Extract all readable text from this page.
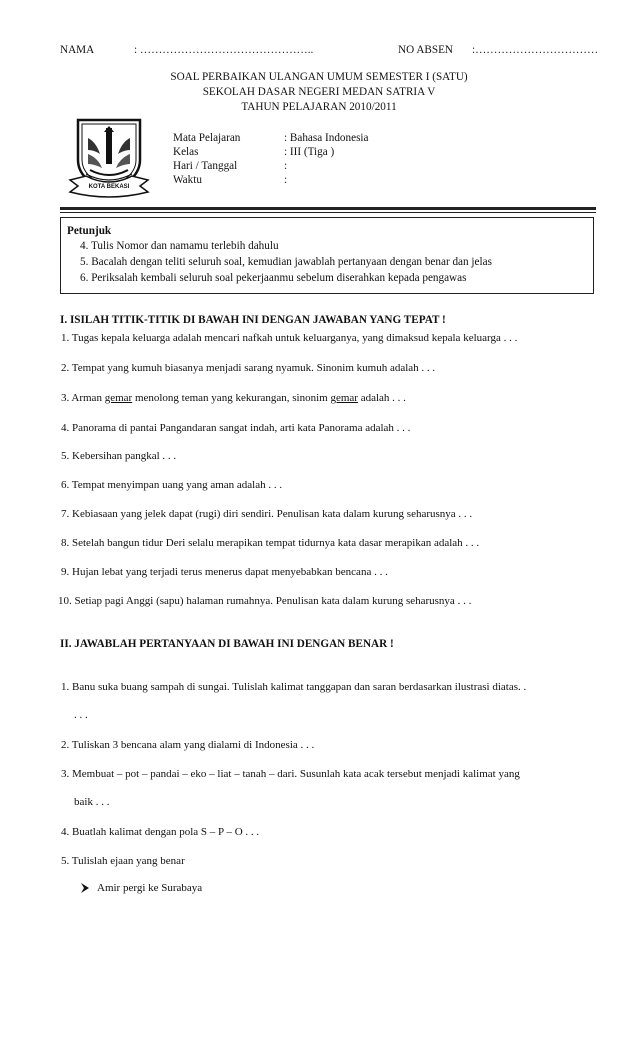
NAMA	: ………………………………………..	NO ABSEN :……………………………
SOAL PERBAIKAN ULANGAN UMUM SEMESTER I (SATU)
SEKOLAH DASAR NEGERI MEDAN SATRIA V
TAHUN PELAJARAN 2010/2011
KOTA BEKASI
Mata Pelajaran	: Bahasa Indonesia
Kelas	: III (Tiga )
Hari / Tanggal	:
Waktu	:
Petunjuk
4. Tulis Nomor dan namamu terlebih dahulu
5. Bacalah dengan teliti seluruh soal, kemudian jawablah pertanyaan dengan benar dan jelas
6. Periksalah kembali seluruh soal pekerjaanmu sebelum diserahkan kepada pengawas
I. ISILAH TITIK-TITIK DI BAWAH INI DENGAN JAWABAN YANG TEPAT !
1. Tugas kepala keluarga adalah mencari nafkah untuk keluarganya, yang dimaksud kepala keluarga . . .
2. Tempat yang kumuh biasanya menjadi sarang nyamuk. Sinonim kumuh adalah . . .
3. Arman gemar menolong teman yang kekurangan, sinonim gemar adalah . . .
4. Panorama di pantai Pangandaran sangat indah, arti kata Panorama adalah . . .
5. Kebersihan pangkal . . .
6. Tempat menyimpan uang yang aman adalah . . .
7. Kebiasaan yang jelek dapat (rugi) diri sendiri. Penulisan kata dalam kurung seharusnya . . .
8. Setelah bangun tidur Deri selalu merapikan tempat tidurnya kata dasar merapikan adalah . . .
9. Hujan lebat yang terjadi terus menerus dapat menyebabkan bencana . . .
10. Setiap pagi Anggi (sapu) halaman rumahnya. Penulisan kata dalam kurung seharusnya . . .
II. JAWABLAH PERTANYAAN DI BAWAH INI DENGAN BENAR !
1. Banu suka buang sampah di sungai. Tulislah kalimat tanggapan dan saran berdasarkan ilustrasi diatas. .
. . .
2. Tuliskan 3 bencana alam yang dialami di Indonesia . . .
3. Membuat – pot – pandai – eko – liat – tanah – dari. Susunlah kata acak tersebut menjadi kalimat yang
baik . . .
4. Buatlah kalimat dengan pola S – P – O . . .
5. Tulislah ejaan yang benar
Amir pergi ke Surabaya
